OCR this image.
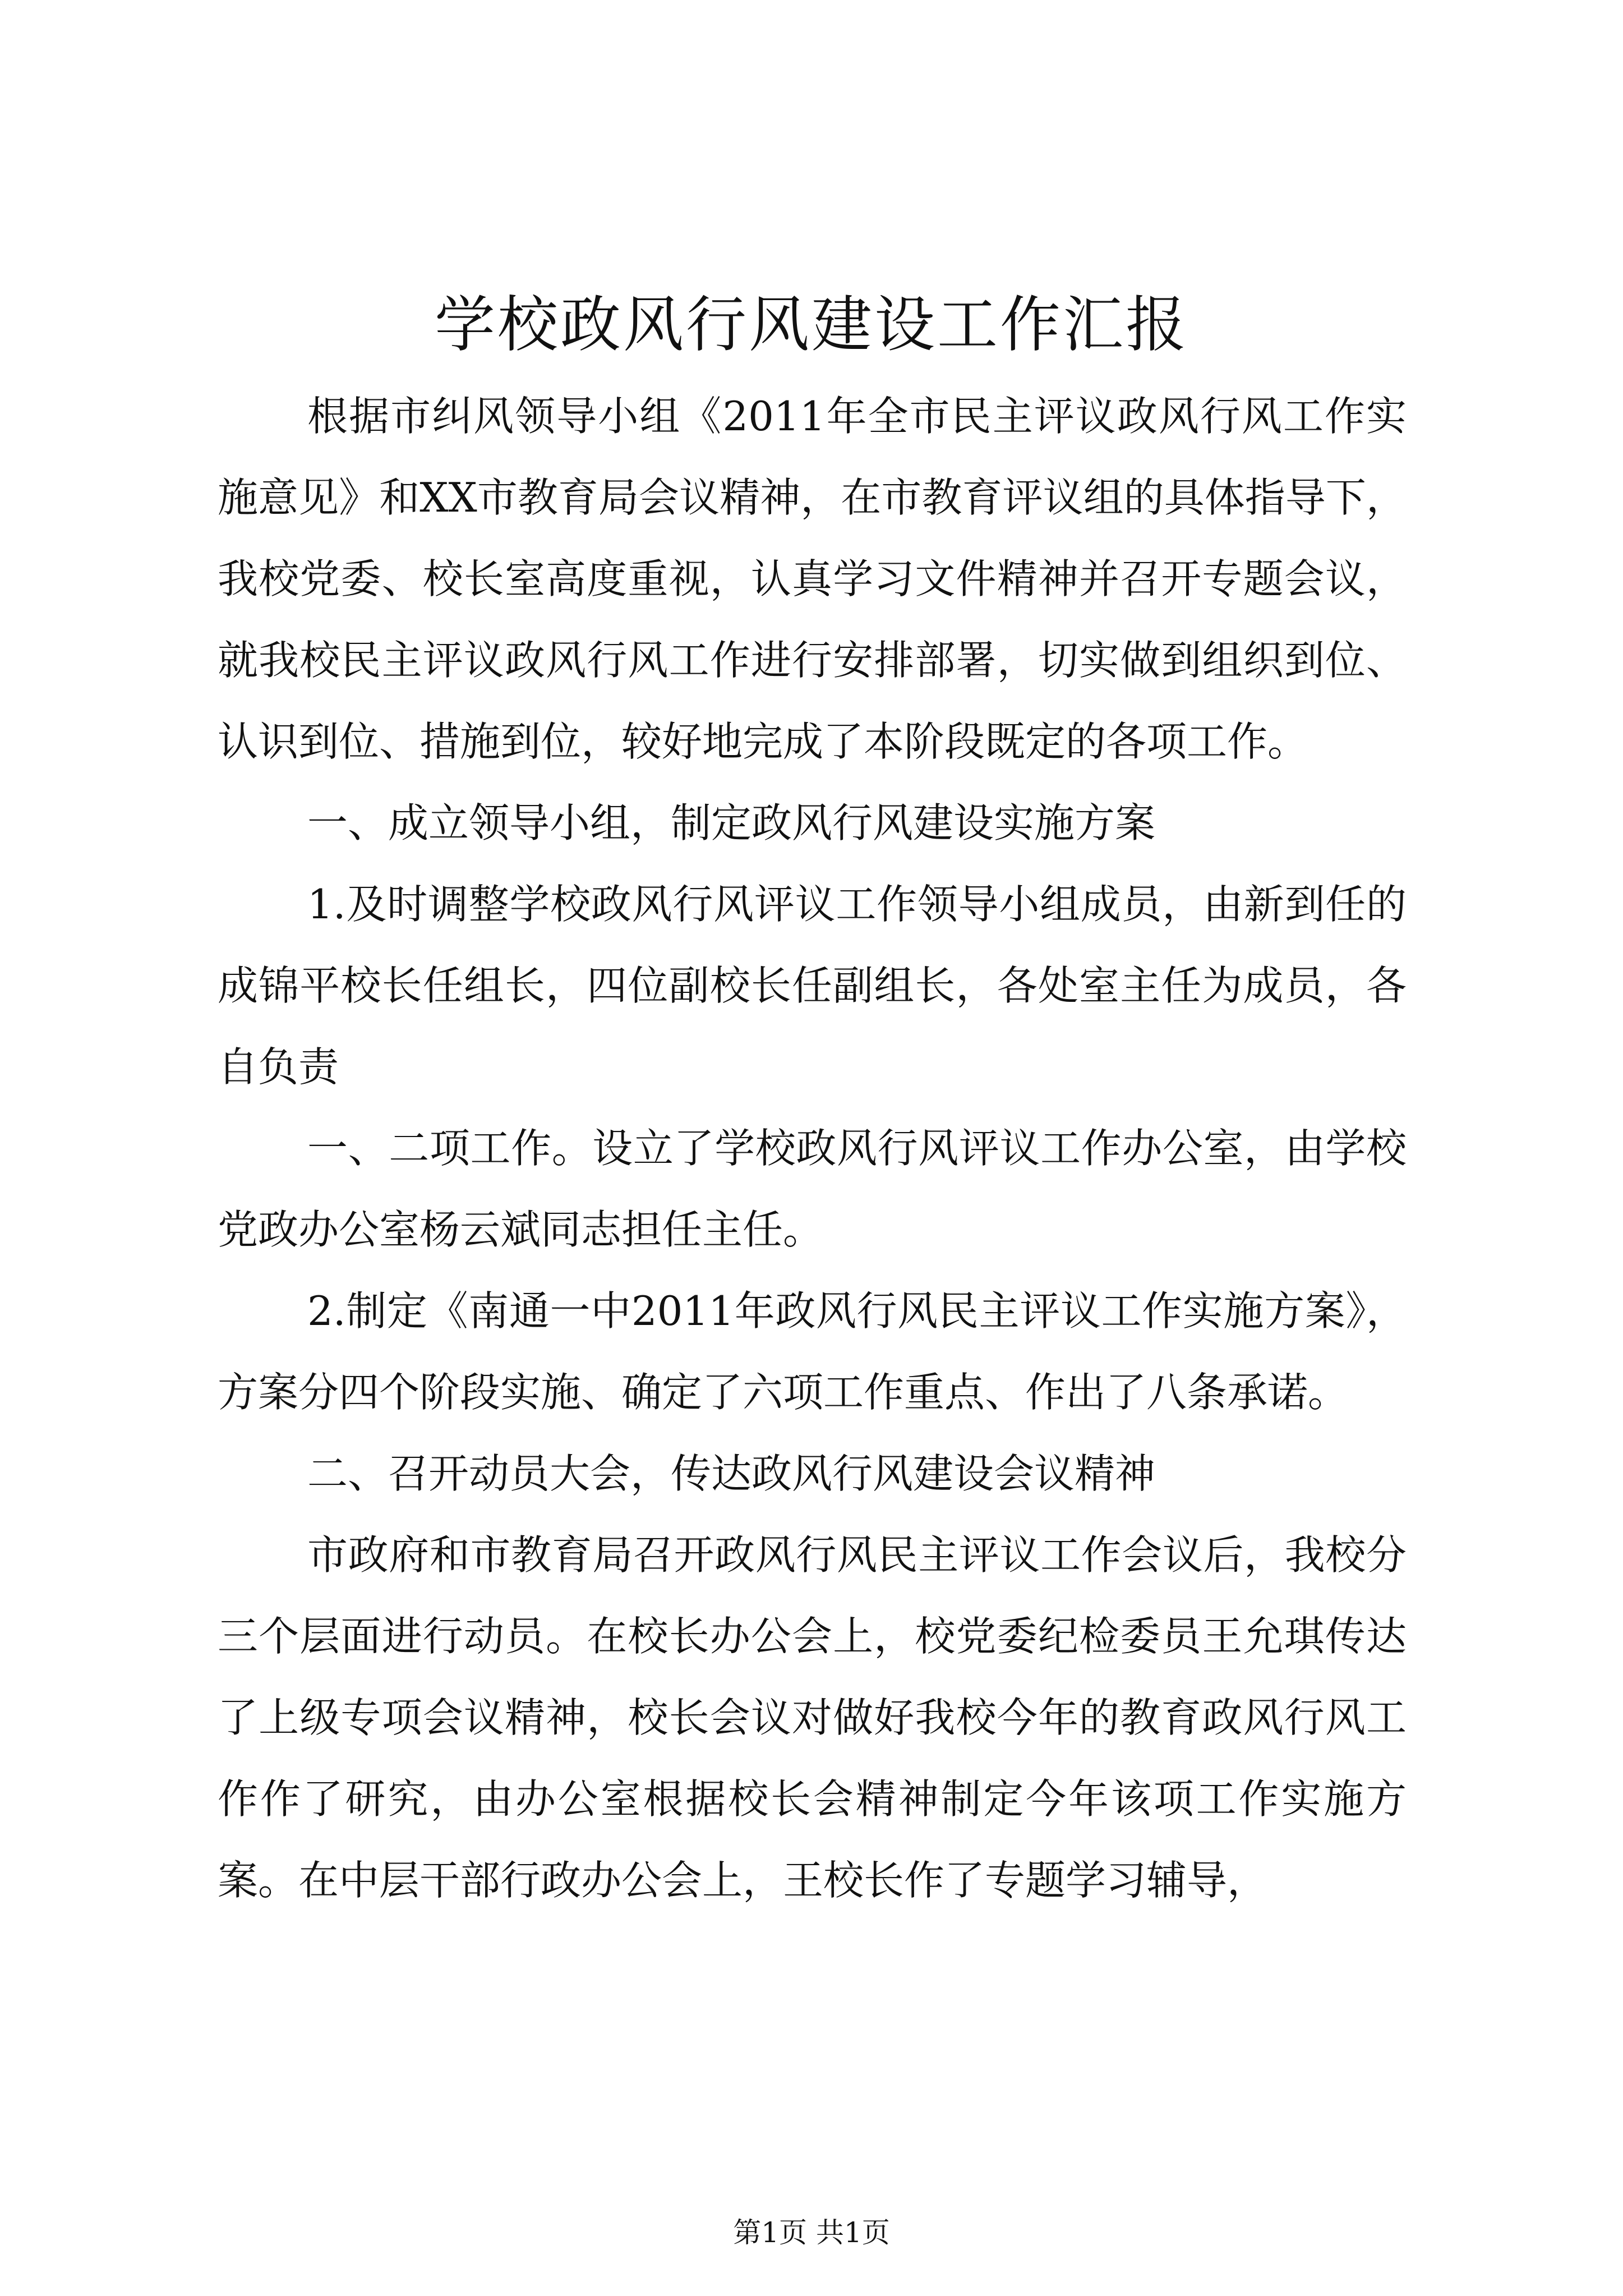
学校政风行风建设工作汇报

根据市纠风领导小组《2011年全市民主评议政风行风工作实施意见》和XX市教育局会议精神，在市教育评议组的具体指导下，我校党委、校长室高度重视，认真学习文件精神并召开专题会议，就我校民主评议政风行风工作进行安排部署，切实做到组织到位、认识到位、措施到位，较好地完成了本阶段既定的各项工作。

一、成立领导小组，制定政风行风建设实施方案

1.及时调整学校政风行风评议工作领导小组成员，由新到任的成锦平校长任组长，四位副校长任副组长，各处室主任为成员，各自负责

一、二项工作。设立了学校政风行风评议工作办公室，由学校党政办公室杨云斌同志担任主任。

2.制定《南通一中2011年政风行风民主评议工作实施方案》，方案分四个阶段实施、确定了六项工作重点、作出了八条承诺。

二、召开动员大会，传达政风行风建设会议精神

市政府和市教育局召开政风行风民主评议工作会议后，我校分三个层面进行动员。在校长办公会上，校党委纪检委员王允琪传达了上级专项会议精神，校长会议对做好我校今年的教育政风行风工作作了研究，由办公室根据校长会精神制定今年该项工作实施方案。在中层干部行政办公会上，王校长作了专题学习辅导，

第1页 共1页
